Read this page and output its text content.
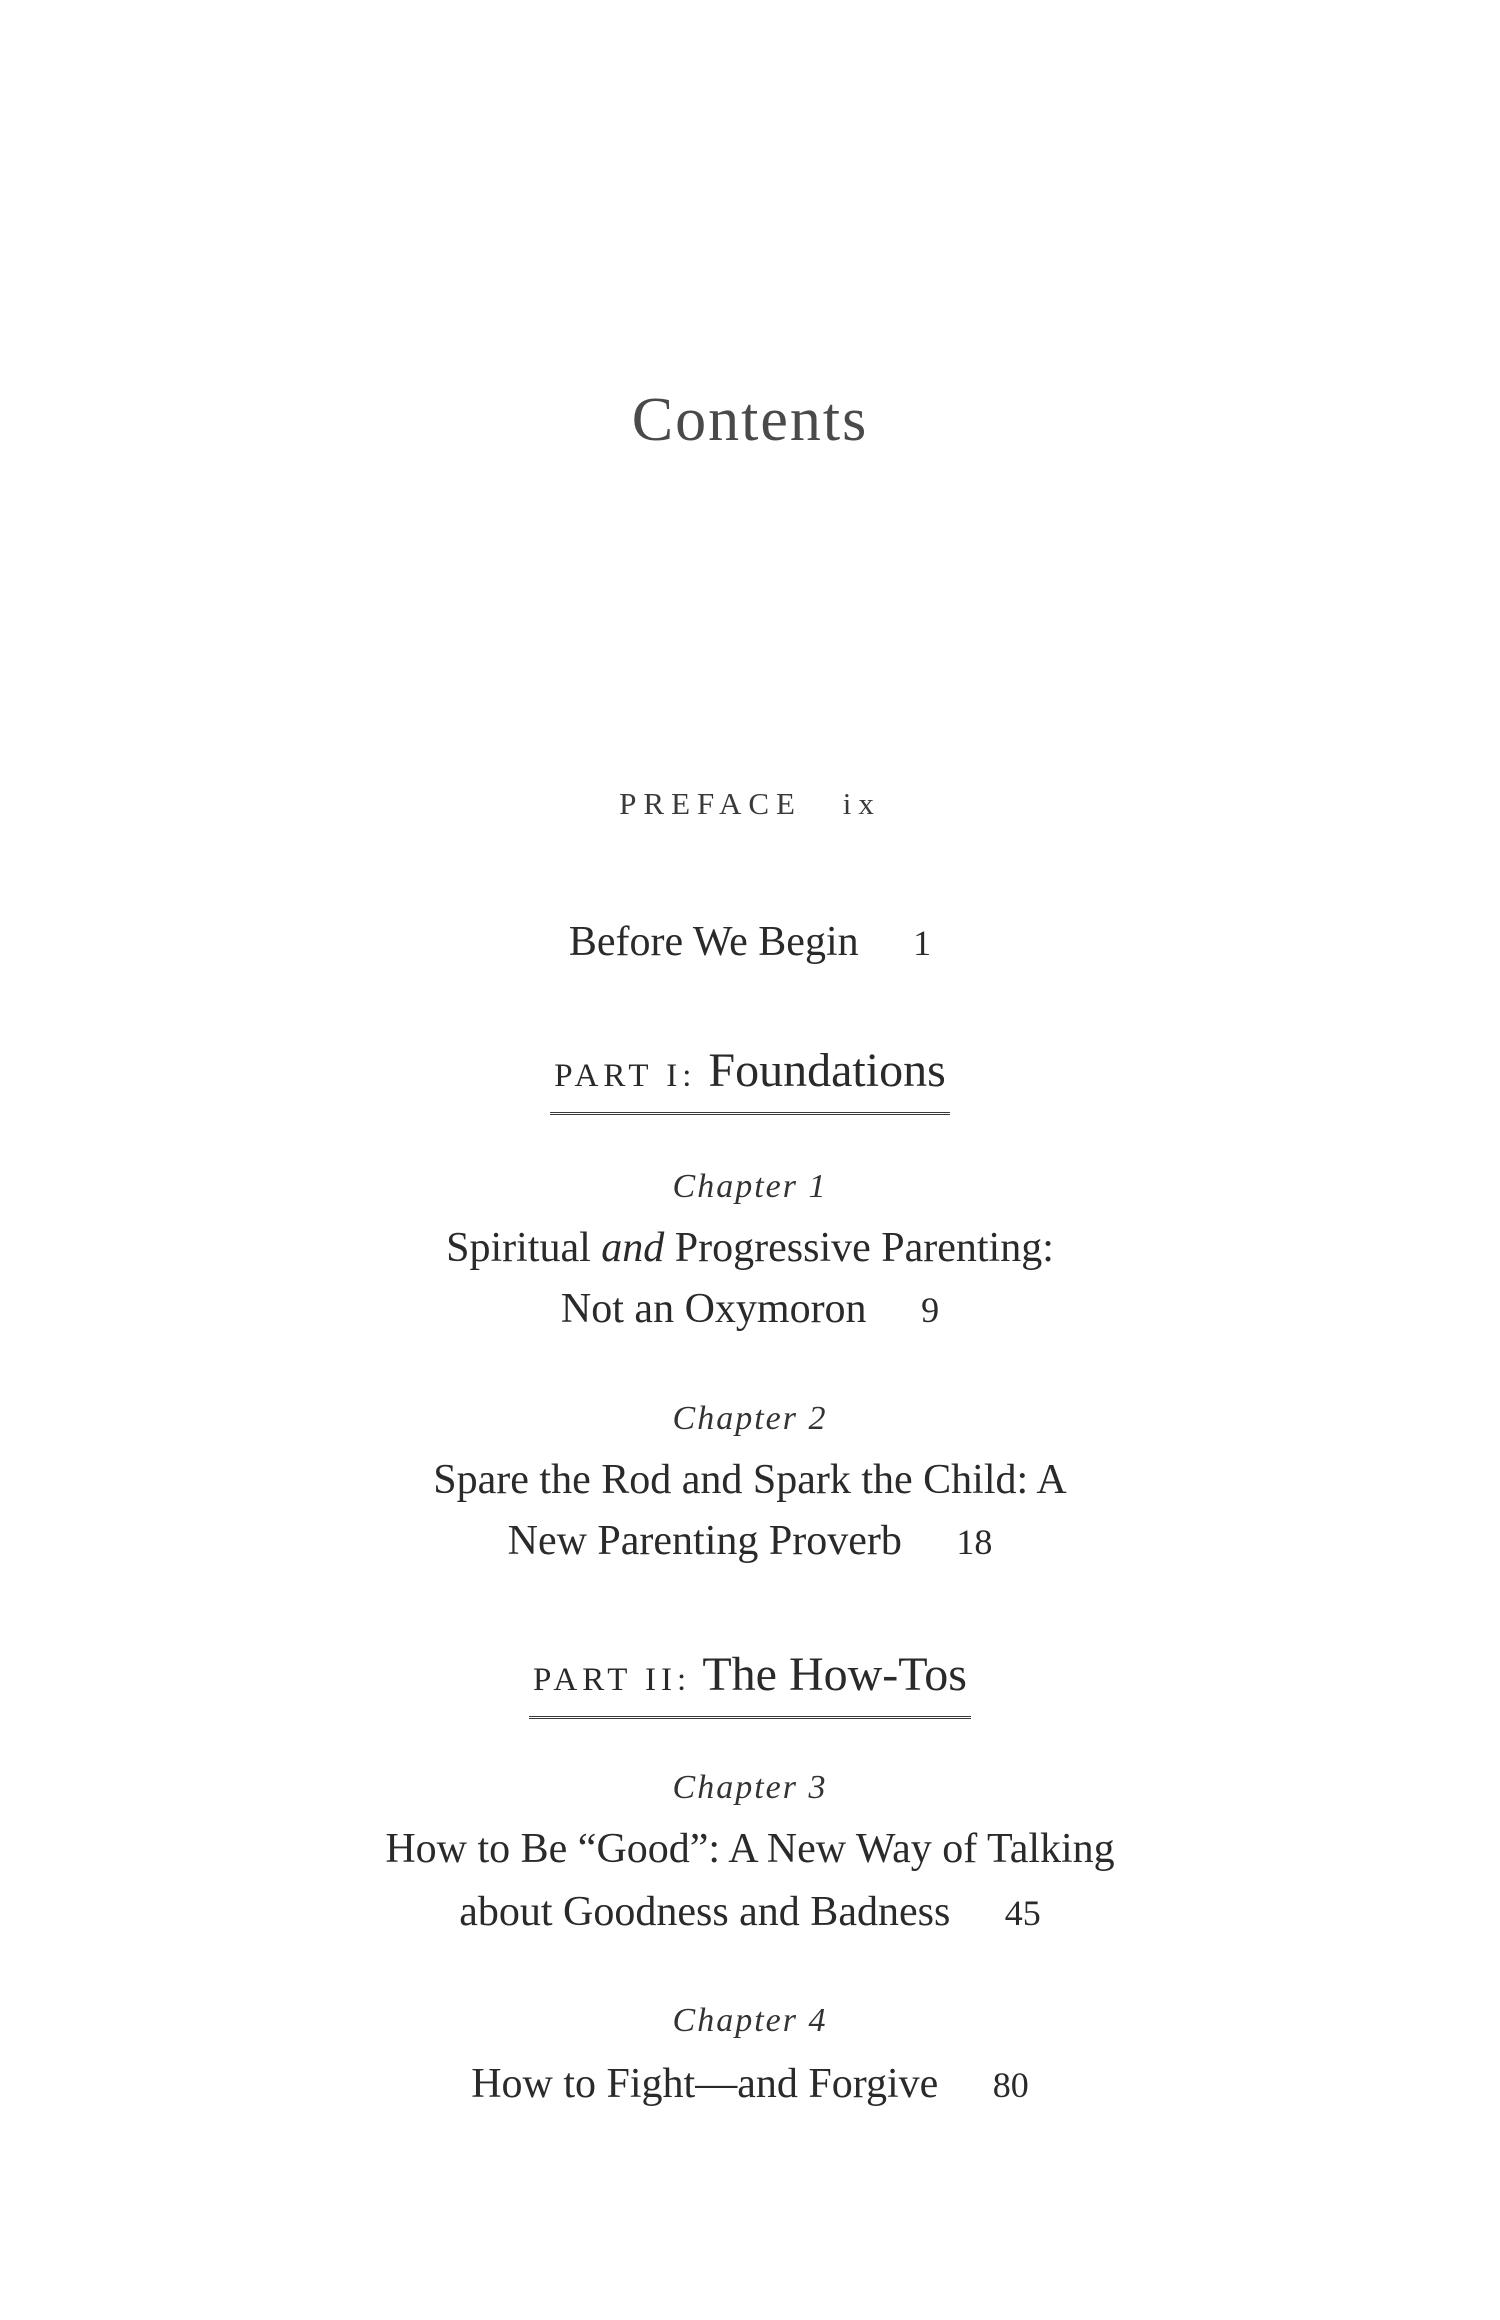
Contents
PREFACE ix
Before We Begin 1
PART I: Foundations
Chapter 1
Spiritual and Progressive Parenting:
Not an Oxymoron 9
Chapter 2
Spare the Rod and Spark the Child: A
New Parenting Proverb 18
PART II: The How-Tos
Chapter 3
How to Be “Good”: A New Way of Talking
about Goodness and Badness 45
Chapter 4
How to Fight—and Forgive 80
